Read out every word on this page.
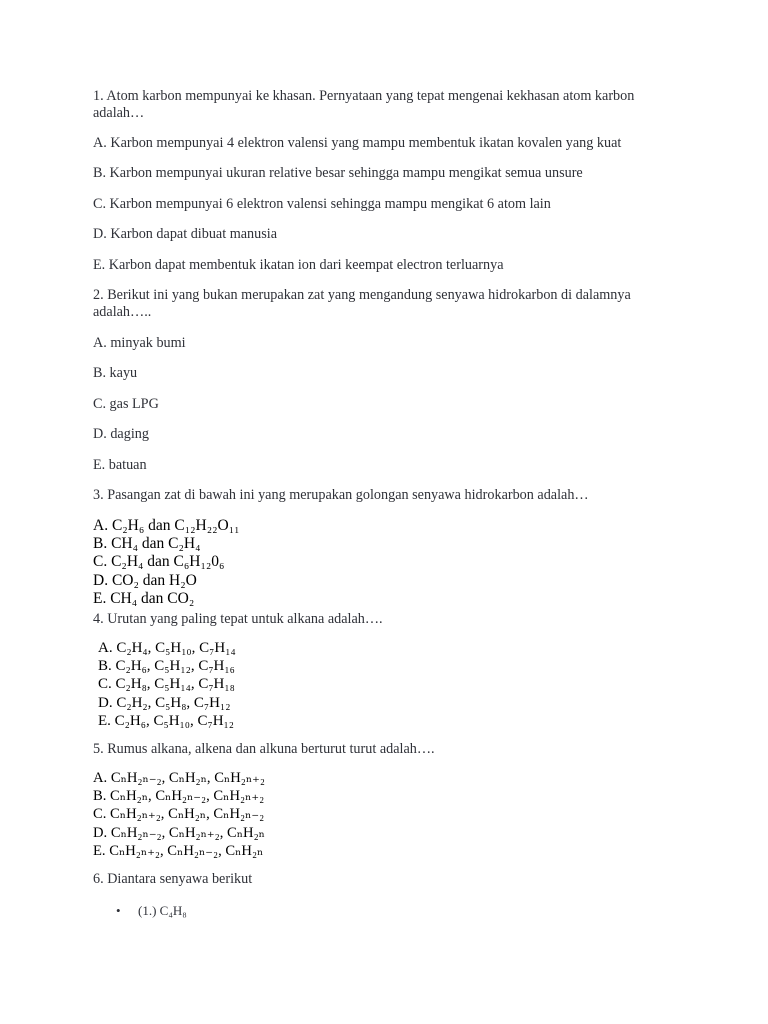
1. Atom karbon mempunyai ke khasan. Pernyataan yang tepat mengenai kekhasan atom karbon adalah…
A. Karbon mempunyai 4 elektron valensi yang mampu membentuk ikatan kovalen yang kuat
B. Karbon mempunyai ukuran relative besar sehingga mampu mengikat semua unsure
C. Karbon mempunyai 6 elektron valensi sehingga mampu mengikat 6 atom lain
D. Karbon dapat dibuat manusia
E. Karbon dapat membentuk ikatan ion dari keempat electron terluarnya
2. Berikut ini yang bukan merupakan zat yang mengandung senyawa hidrokarbon di dalamnya adalah…..
A. minyak bumi
B. kayu
C. gas LPG
D. daging
E. batuan
3. Pasangan zat di bawah ini yang merupakan golongan senyawa hidrokarbon adalah…
A. C₂H₆ dan C₁₂H₂₂O₁₁
B. CH₄ dan C₂H₄
C. C₂H₄ dan C₆H₁₂0₆
D. CO₂ dan H₂O
E. CH₄ dan CO₂
4. Urutan yang paling tepat untuk alkana adalah….
A. C₂H₄, C₅H₁₀, C₇H₁₄
B. C₂H₆, C₅H₁₂, C₇H₁₆
C. C₂H₈, C₅H₁₄, C₇H₁₈
D. C₂H₂, C₅H₈, C₇H₁₂
E. C₂H₆, C₅H₁₀, C₇H₁₂
5. Rumus alkana, alkena dan alkuna berturut turut adalah….
A. CₙH₂ₙ₋₂, CₙH₂ₙ, CₙH₂ₙ₊₂
B. CₙH₂ₙ, CₙH₂ₙ₋₂, CₙH₂ₙ₊₂
C. CₙH₂ₙ₊₂, CₙH₂ₙ, CₙH₂ₙ₋₂
D. CₙH₂ₙ₋₂, CₙH₂ₙ₊₂, CₙH₂ₙ
E. CₙH₂ₙ₊₂, CₙH₂ₙ₋₂, CₙH₂ₙ
6. Diantara senyawa berikut
• (1.) C₄H₈
